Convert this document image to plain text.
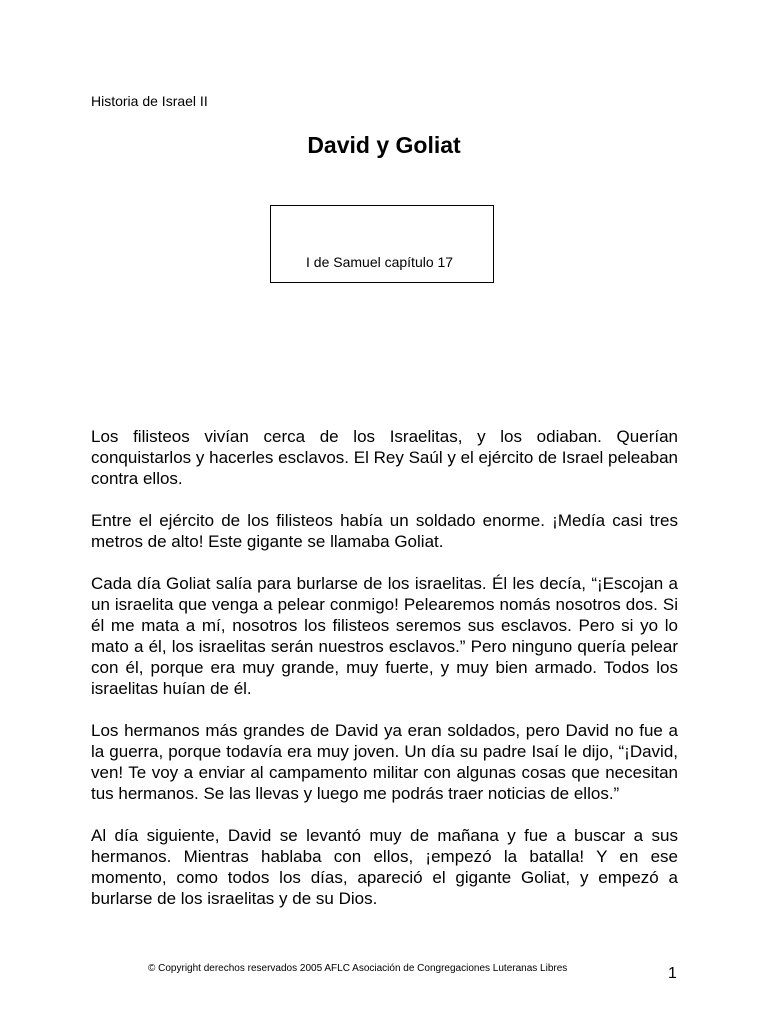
Historia de Israel II
David y Goliat
I de Samuel capítulo 17

Los filisteos vivían cerca de los Israelitas, y los odiaban. Querían conquistarlos y hacerles esclavos. El Rey Saúl y el ejército de Israel peleaban contra ellos.

Entre el ejército de los filisteos había un soldado enorme. ¡Medía casi tres metros de alto! Este gigante se llamaba Goliat.

Cada día Goliat salía para burlarse de los israelitas. Él les decía, “¡Escojan a un israelita que venga a pelear conmigo! Pelearemos nomás nosotros dos. Si él me mata a mí, nosotros los filisteos seremos sus esclavos. Pero si yo lo mato a él, los israelitas serán nuestros esclavos.” Pero ninguno quería pelear con él, porque era muy grande, muy fuerte, y muy bien armado. Todos los israelitas huían de él.

Los hermanos más grandes de David ya eran soldados, pero David no fue a la guerra, porque todavía era muy joven. Un día su padre Isaí le dijo, “¡David, ven! Te voy a enviar al campamento militar con algunas cosas que necesitan tus hermanos. Se las llevas y luego me podrás traer noticias de ellos.”

Al día siguiente, David se levantó muy de mañana y fue a buscar a sus hermanos. Mientras hablaba con ellos, ¡empezó la batalla! Y en ese momento, como todos los días, apareció el gigante Goliat, y empezó a burlarse de los israelitas y de su Dios.

© Copyright derechos reservados 2005 AFLC Asociación de Congregaciones Luteranas Libres	1
